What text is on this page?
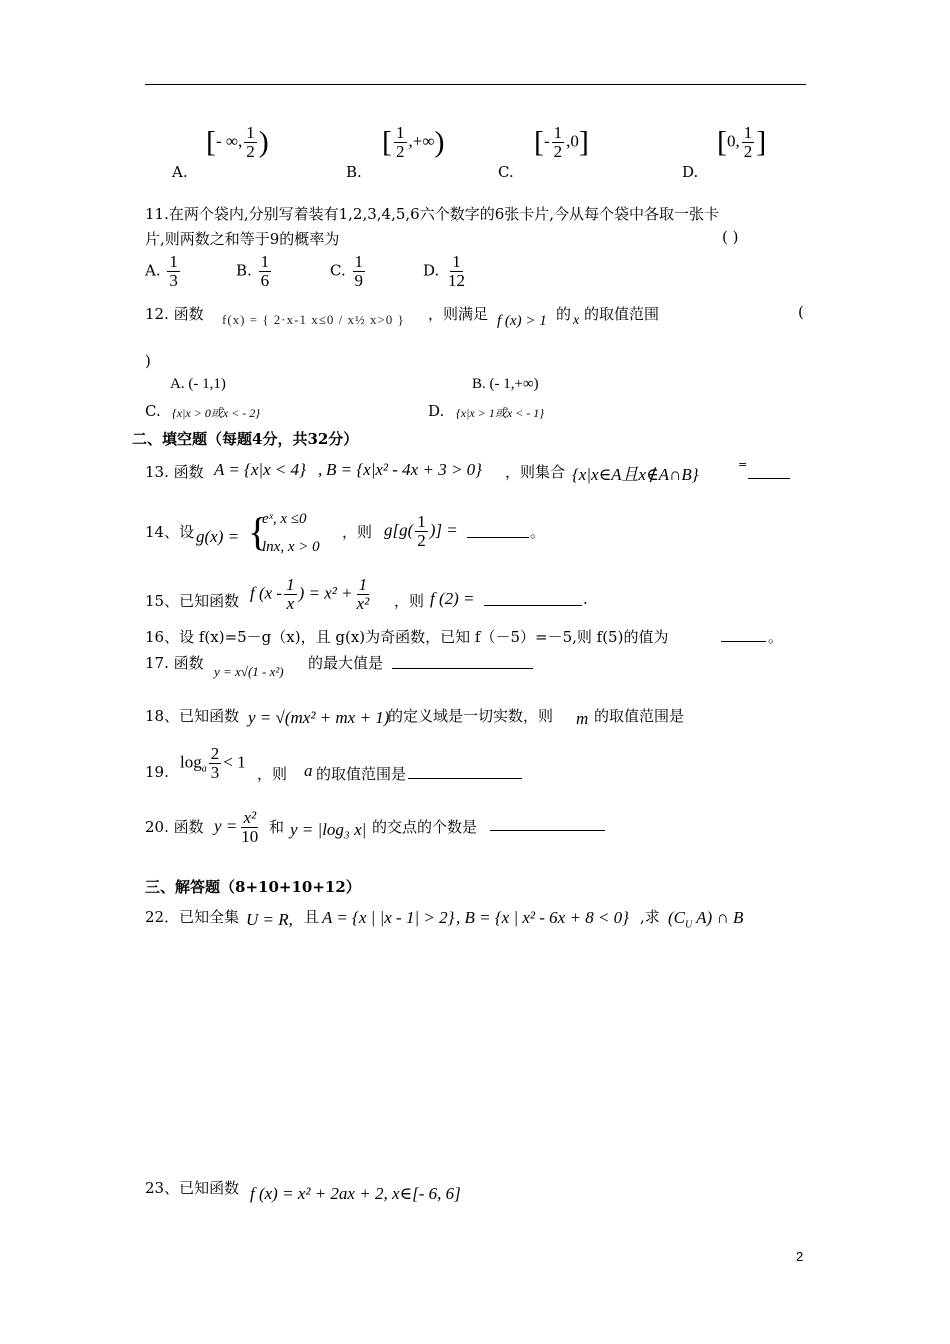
A.
[- ∞, $\frac{1}{2}$ )
B.
[ $\frac{1}{2}$ ,+∞)
C.
[- $\frac{1}{2} ,0$]
D.
[0, $\frac{1}{2}$ ]
11.在两个袋内,分别写着装有1,2,3,4,5,6六个数字的6张卡片,今从每个袋中各取一张卡
片,则两数之和等于9的概率为	( )
A. $\frac{1}{3}$	B. $\frac{1}{6}$	C. $\frac{1}{9}$	D. $\frac{1}{12}$
12. 函数 f(x) = { 2·x-1 x≤0 / x½ x>0 } ，则满足 f (x) > 1 的 x 的取值范围	(
)
A. (- 1,1)	B. (- 1,+∞)
C. {x|x > 0或x < - 2}	D. {x|x > 1或x < - 1}
二、填空题（每题4分，共32分）
13. 函数 A = {x|x < 4} , B = {x|x² - 4x + 3 > 0} ，则集合 {x|x∈A且x∉A∩B}
=
14、设 g(x) = {
eˣ, x ≤0
lnx, x > 0
，则 $g[g( \frac{1}{2}$ )] =	。
15、已知函数 f ($x - \frac{1}{x}$ ) = $x^2 + \frac{1}{\text{x²}}$ ，则 f (2) =	.
16、设 f(x)=5－g（x)，且 g(x)为奇函数，已知 f（－5）=－5,则 f(5)的值为	。
17. 函数 y = x√(1 - x²) 的最大值是
18、已知函数 y = √(mx² + mx + 1)
的定义域是一切实数，则 m 的取值范围是
19.
$\log_a \frac{2}{3} < 1$
，则 a 的取值范围是
20. 函数 $y = \frac{\text{x²}}{10}$ 和 y = |log₃ x| 的交点的个数是
三、解答题（8+10+10+12）
22．已知全集 U = R, 且 A = {x | |x - 1| > 2} , B = {x | x² - 6x + 8 < 0} ,求 ($C_U$ A) ∩ B
23、已知函数 f (x) = x² + 2ax + 2, x∈[- 6, 6]
2
